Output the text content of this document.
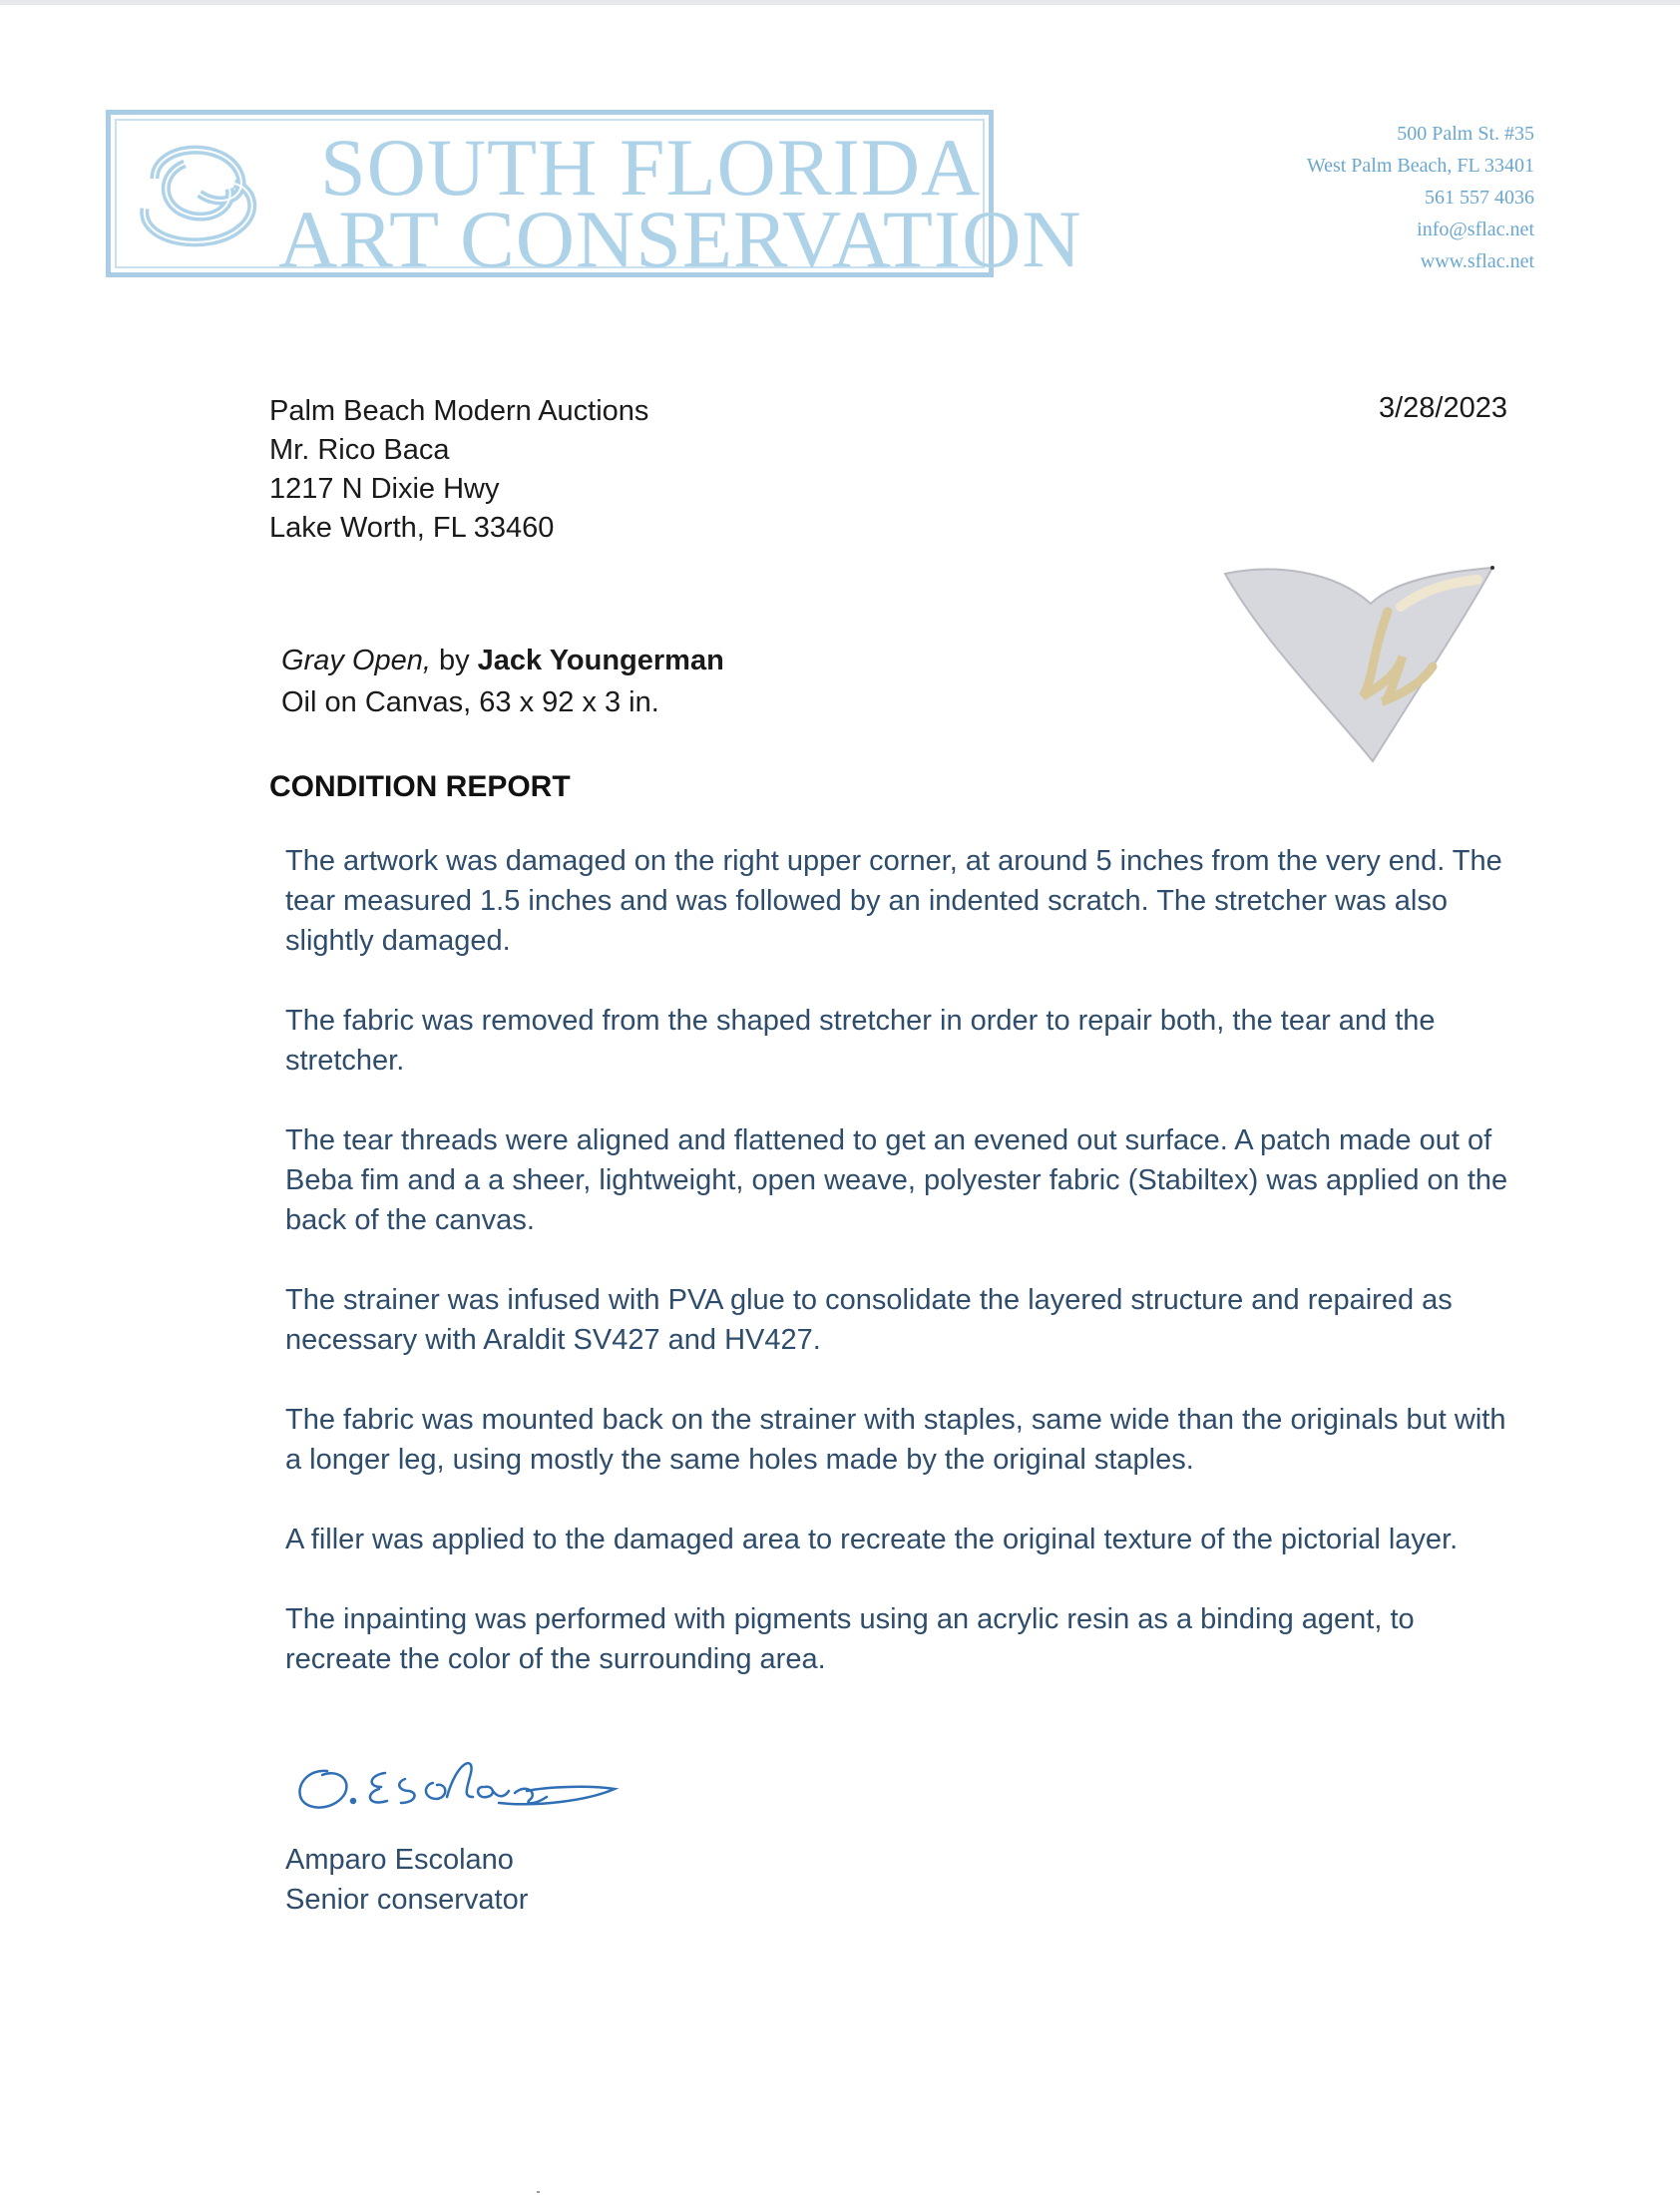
SOUTH FLORIDA
ART CONSERVATION
500 Palm St. #35
West Palm Beach, FL 33401
561 557 4036
info@sflac.net
www.sflac.net
Palm Beach Modern Auctions
Mr. Rico Baca
1217 N Dixie Hwy
Lake Worth, FL 33460
3/28/2023
Gray Open, by Jack Youngerman
Oil on Canvas, 63 x 92 x 3 in.
CONDITION REPORT

The artwork was damaged on the right upper corner, at around 5 inches from the very end. The tear measured 1.5 inches and was followed by an indented scratch. The stretcher was also slightly damaged.

The fabric was removed from the shaped stretcher in order to repair both, the tear and the stretcher.

The tear threads were aligned and flattened to get an evened out surface. A patch made out of Beba fim and a a sheer, lightweight, open weave, polyester fabric (Stabiltex) was applied on the back of the canvas.

The strainer was infused with PVA glue to consolidate the layered structure and repaired as necessary with Araldit SV427 and HV427.

The fabric was mounted back on the strainer with staples, same wide than the originals but with a longer leg, using mostly the same holes made by the original staples.

A filler was applied to the damaged area to recreate the original texture of the pictorial layer.

The inpainting was performed with pigments using an acrylic resin as a binding agent, to recreate the color of the surrounding area.

Amparo Escolano
Senior conservator
